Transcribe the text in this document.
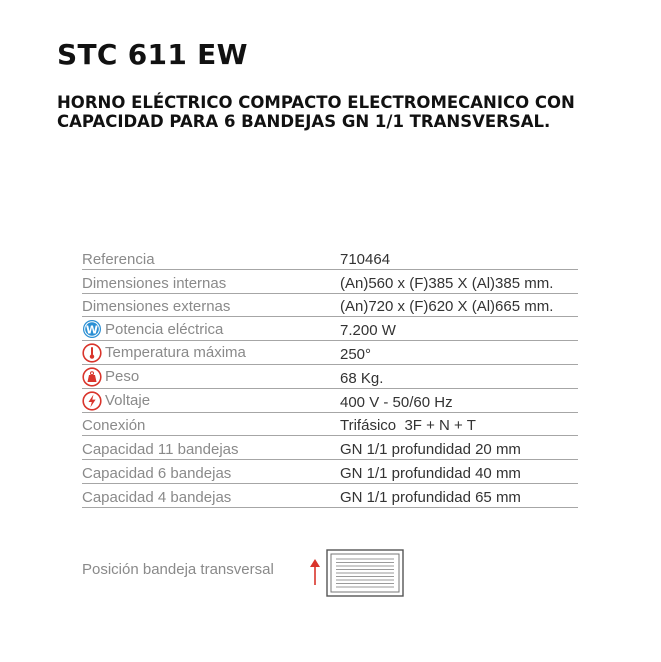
STC 611 EW
HORNO ELÉCTRICO COMPACTO ELECTROMECANICO CON CAPACIDAD PARA 6 BANDEJAS GN 1/1 TRANSVERSAL.
Referencia	710464
Dimensiones internas	(An)560 x (F)385 X (Al)385 mm.
Dimensiones externas	(An)720 x (F)620 X (Al)665 mm.
W Potencia eléctrica	7.200 W
Temperatura máxima	250°
Peso	68 Kg.
Voltaje	400 V - 50/60 Hz
Conexión	Trifásico  3F + N + T
Capacidad 11 bandejas	GN 1/1 profundidad 20 mm
Capacidad 6 bandejas	GN 1/1 profundidad 40 mm
Capacidad 4 bandejas	GN 1/1 profundidad 65 mm
Posición bandeja transversal
